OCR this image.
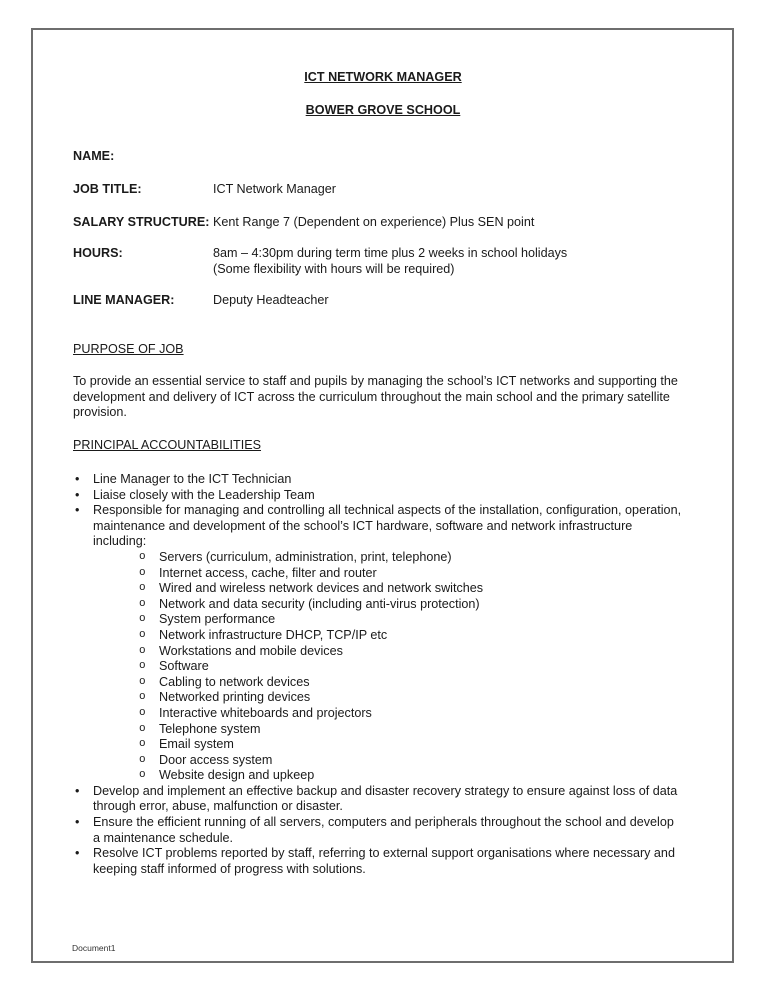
ICT NETWORK MANAGER
BOWER GROVE SCHOOL
NAME:
JOB TITLE:	ICT Network Manager
SALARY STRUCTURE: Kent Range 7 (Dependent on experience) Plus SEN point
HOURS:	8am – 4:30pm during term time plus 2 weeks in school holidays
(Some flexibility with hours will be required)
LINE MANAGER:	Deputy Headteacher
PURPOSE OF JOB
To provide an essential service to staff and pupils by managing the school’s ICT networks and supporting the development and delivery of ICT across the curriculum throughout the main school and the primary satellite provision.
PRINCIPAL ACCOUNTABILITIES
• Line Manager to the ICT Technician
• Liaise closely with the Leadership Team
• Responsible for managing and controlling all technical aspects of the installation, configuration, operation, maintenance and development of the school’s ICT hardware, software and network infrastructure including:
o Servers (curriculum, administration, print, telephone)
o Internet access, cache, filter and router
o Wired and wireless network devices and network switches
o Network and data security (including anti-virus protection)
o System performance
o Network infrastructure DHCP, TCP/IP etc
o Workstations and mobile devices
o Software
o Cabling to network devices
o Networked printing devices
o Interactive whiteboards and projectors
o Telephone system
o Email system
o Door access system
o Website design and upkeep
• Develop and implement an effective backup and disaster recovery strategy to ensure against loss of data through error, abuse, malfunction or disaster.
• Ensure the efficient running of all servers, computers and peripherals throughout the school and develop a maintenance schedule.
• Resolve ICT problems reported by staff, referring to external support organisations where necessary and keeping staff informed of progress with solutions.
Document1
